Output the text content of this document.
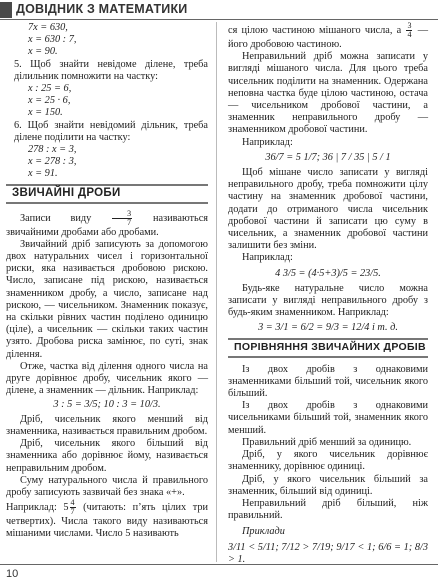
ДОВІДНИК З МАТЕМАТИКИ

7x = 630,

x = 630 : 7,

x = 90.

5. Щоб знайти невідоме ділене, треба ділильник помножити на частку:

x : 25 = 6,

x = 25 · 6,

x = 150.

6. Щоб знайти невідомий дільник, треба ділене поділити на частку:

278 : x = 3,

x = 278 : 3,

x = 91.

ЗВИЧАЙНІ ДРОБИ

Записи виду	$\frac{3}{7}$ називаються звичайними дробами або дробами.

Звичайний дріб записують за допомогою двох натуральних чисел і горизонтальної риски, яка називається дробовою рискою. Число, записане під рискою, називається знаменником дробу, а число, записане над рискою, — чисельником. Знаменник показує, на скільки рівних частин поділено одиницю (ціле), а чисельник — скільки таких частин узято. Дробова риска замінює, по суті, знак ділення.

Отже, частка від ділення одного числа на друге дорівнює дробу, чисельник якого — ділене, а знаменник — дільник. Наприклад:

3 : 5 = 3/5; 10 : 3 = 10/3.

Дріб, чисельник якого менший від знаменника, називається правильним дробом.

Дріб, чисельник якого більший від знаменника або дорівнює йому, називається неправильним дробом.

Суму натурального числа й правильного дробу записують зазвичай без знака «+».

Наприклад: $5 \frac{4}{7}$ (читають: п’ять цілих три четвертих). Числа такого виду називаються мішаними числами. Число 5 називають

ся цілою частиною мішаного числа, а $\frac{3}{4}$ — його дробовою частиною.

Неправильний дріб можна записати у вигляді мішаного числа. Для цього треба чисельник поділити на знаменник. Одержана неповна частка буде цілою частиною, остача — чисельником дробової частини, а знаменник неправильного дробу — знаменником дробової частини.

Наприклад:

36/7 = 5 1/7; 36 | 7 / 35 | 5 / 1

Щоб мішане число записати у вигляді неправильного дробу, треба помножити цілу частину на знаменник дробової частини, додати до отриманого числа чисельник дробової частини й записати цю суму в чисельник, а знаменник дробової частини залишити без зміни.

Наприклад:

4 3/5 = (4·5+3)/5 = 23/5.

Будь-яке натуральне число можна записати у вигляді неправильного дробу з будь-яким знаменником. Наприклад:

3 = 3/1 = 6/2 = 9/3 = 12/4 і т. д.

ПОРІВНЯННЯ ЗВИЧАЙНИХ ДРОБІВ

Із двох дробів з однаковими знаменниками більший той, чисельник якого більший.

Із двох дробів з однаковими чисельниками більший той, знаменник якого менший.

Правильний дріб менший за одиницю.

Дріб, у якого чисельник дорівнює знаменнику, дорівнює одиниці.

Дріб, у якого чисельник більший за знаменник, більший від одиниці.

Неправильний дріб більший, ніж правильний.

Приклади

3/11 < 5/11; 7/12 > 7/19; 9/17 < 1; 6/6 = 1; 8/3 > 1.

10
